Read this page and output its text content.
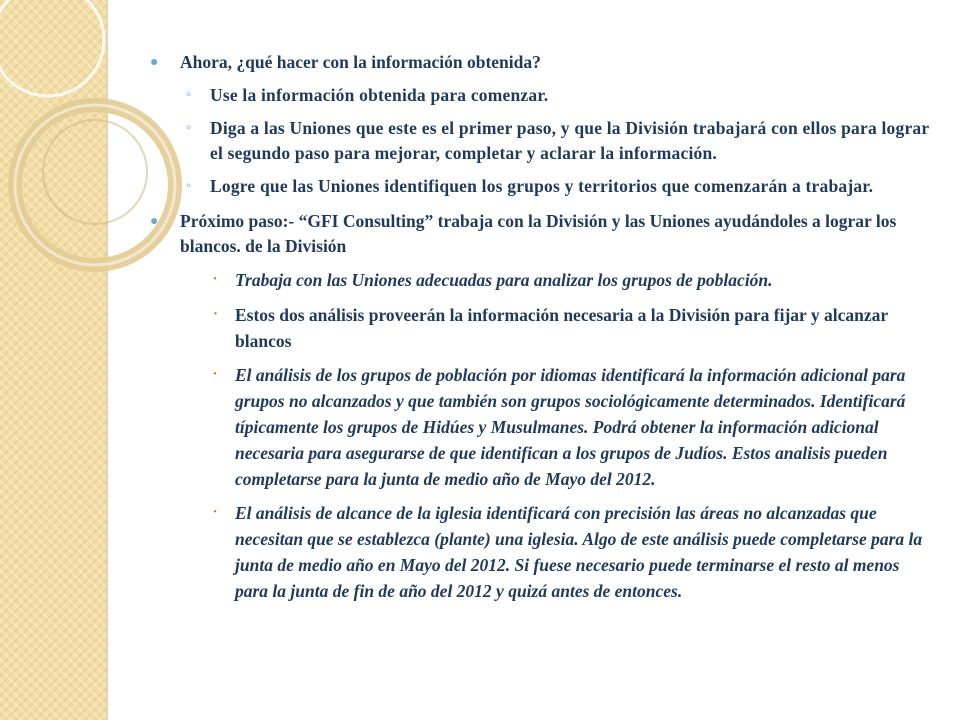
● Ahora, ¿qué hacer con la información obtenida?
◦ Use la información obtenida para comenzar.
◦ Diga a las Uniones que este es el primer paso, y que la División trabajará con ellos para lograr el segundo paso para mejorar, completar y aclarar la información.
◦ Logre que las Uniones identifiquen los grupos y territorios que comenzarán a trabajar.
● Próximo paso:- “GFI Consulting” trabaja con la División y las Uniones ayudándoles a lograr los blancos. de la División
· Trabaja con las Uniones adecuadas para analizar los grupos de población.
· Estos dos análisis proveerán la información necesaria a la División para fijar y alcanzar blancos
· El análisis de los grupos de población por idiomas identificará la información adicional para grupos no alcanzados y que también son grupos sociológicamente determinados. Identificará típicamente los grupos de Hidúes y Musulmanes. Podrá obtener la información adicional necesaria para asegurarse de que identifican a los grupos de Judíos. Estos analisis pueden completarse para la junta de medio año de Mayo del 2012.
· El análisis de alcance de la iglesia identificará con precisión las áreas no alcanzadas que necesitan que se establezca (plante) una iglesia. Algo de este análisis puede completarse para la junta de medio año en Mayo del 2012. Si fuese necesario puede terminarse el resto al menos para la junta de fin de año del 2012 y quizá antes de entonces.
